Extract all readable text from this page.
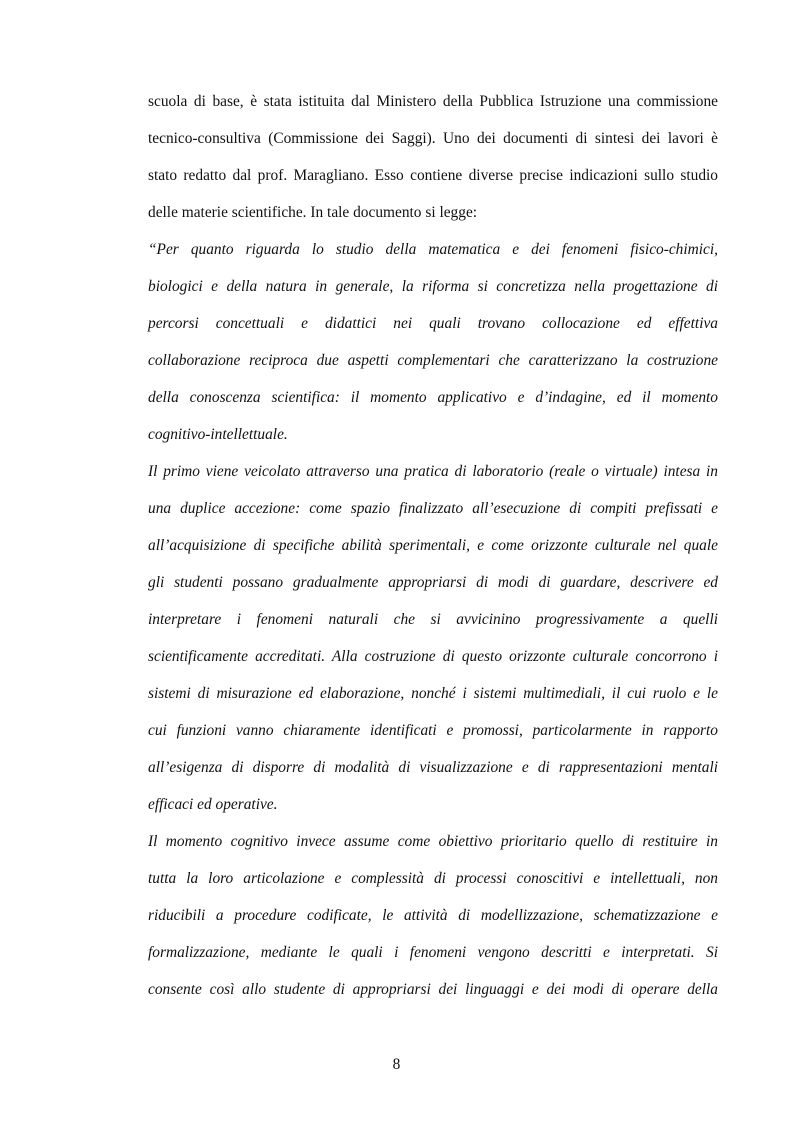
scuola di base, è stata istituita dal Ministero della Pubblica Istruzione una commissione
tecnico-consultiva (Commissione dei Saggi). Uno dei documenti di sintesi dei lavori è
stato redatto dal prof. Maragliano. Esso contiene diverse precise indicazioni sullo studio
delle materie scientifiche. In tale documento si legge:
“Per quanto riguarda lo studio della matematica e dei fenomeni fisico-chimici,
biologici e della natura in generale, la riforma si concretizza nella progettazione di
percorsi concettuali e didattici nei quali trovano collocazione ed effettiva
collaborazione reciproca due aspetti complementari che caratterizzano la costruzione
della conoscenza scientifica: il momento applicativo e d’indagine, ed il momento
cognitivo-intellettuale.
Il primo viene veicolato attraverso una pratica di laboratorio (reale o virtuale) intesa in
una duplice accezione: come spazio finalizzato all’esecuzione di compiti prefissati e
all’acquisizione di specifiche abilità sperimentali, e come orizzonte culturale nel quale
gli studenti possano gradualmente appropriarsi di modi di guardare, descrivere ed
interpretare i fenomeni naturali che si avvicinino progressivamente a quelli
scientificamente accreditati. Alla costruzione di questo orizzonte culturale concorrono i
sistemi di misurazione ed elaborazione, nonché i sistemi multimediali, il cui ruolo e le
cui funzioni vanno chiaramente identificati e promossi, particolarmente in rapporto
all’esigenza di disporre di modalità di visualizzazione e di rappresentazioni mentali
efficaci ed operative.
Il momento cognitivo invece assume come obiettivo prioritario quello di restituire in
tutta la loro articolazione e complessità di processi conoscitivi e intellettuali, non
riducibili a procedure codificate, le attività di modellizzazione, schematizzazione e
formalizzazione, mediante le quali i fenomeni vengono descritti e interpretati. Si
consente così allo studente di appropriarsi dei linguaggi e dei modi di operare della
8
